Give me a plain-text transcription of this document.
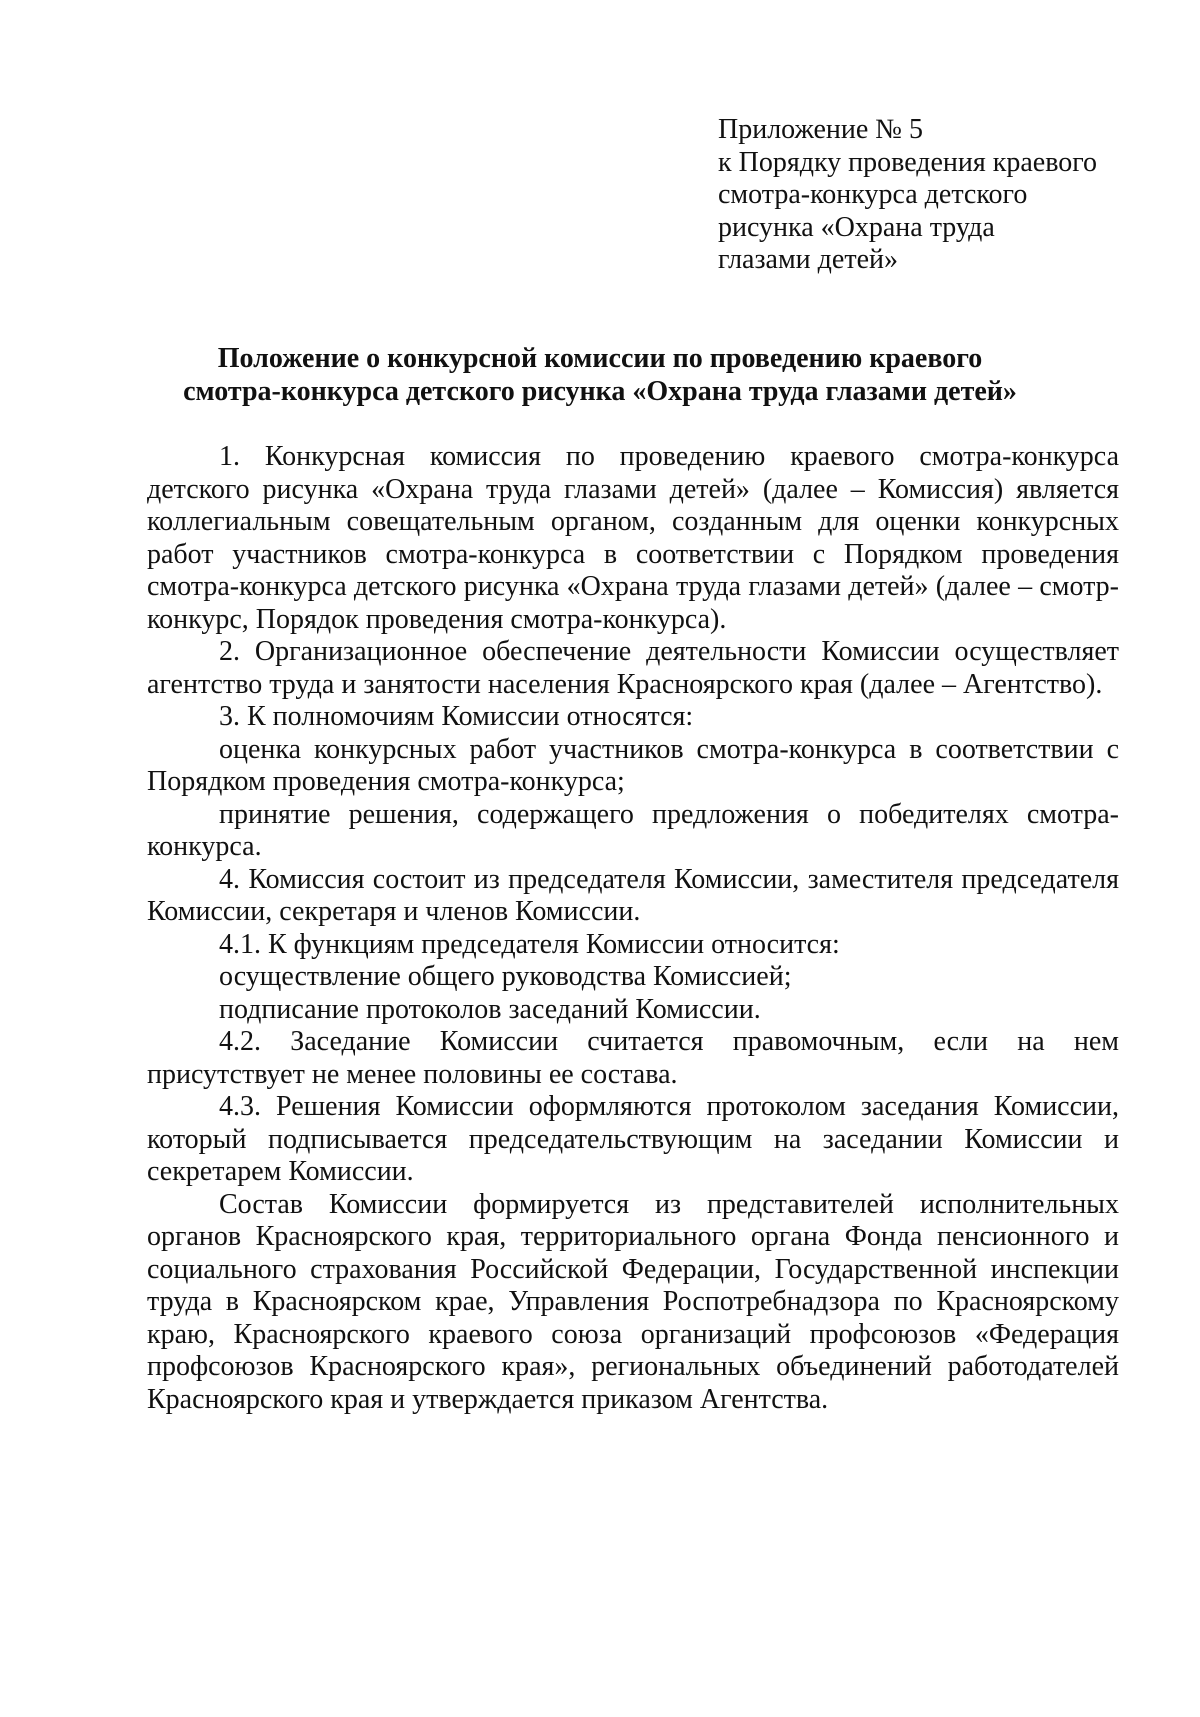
Приложение № 5
к Порядку проведения краевого
смотра-конкурса детского
рисунка «Охрана труда
глазами детей»
Положение о конкурсной комиссии по проведению краевого
смотра-конкурса детского рисунка «Охрана труда глазами детей»

1. Конкурсная комиссия по проведению краевого смотра-конкурса детского рисунка «Охрана труда глазами детей» (далее – Комиссия) является коллегиальным совещательным органом, созданным для оценки конкурсных работ участников смотра-конкурса в соответствии с Порядком проведения смотра-конкурса детского рисунка «Охрана труда глазами детей» (далее – смотр-конкурс, Порядок проведения смотра-конкурса).

2. Организационное обеспечение деятельности Комиссии осуществляет агентство труда и занятости населения Красноярского края (далее – Агентство).

3. К полномочиям Комиссии относятся:

оценка конкурсных работ участников смотра-конкурса в соответствии с Порядком проведения смотра-конкурса;

принятие решения, содержащего предложения о победителях смотра-конкурса.

4. Комиссия состоит из председателя Комиссии, заместителя председателя Комиссии, секретаря и членов Комиссии.

4.1. К функциям председателя Комиссии относится:

осуществление общего руководства Комиссией;

подписание протоколов заседаний Комиссии.

4.2. Заседание Комиссии считается правомочным, если на нем присутствует не менее половины ее состава.

4.3. Решения Комиссии оформляются протоколом заседания Комиссии, который подписывается председательствующим на заседании Комиссии и секретарем Комиссии.

Состав Комиссии формируется из представителей исполнительных органов Красноярского края, территориального органа Фонда пенсионного и социального страхования Российской Федерации, Государственной инспекции труда в Красноярском крае, Управления Роспотребнадзора по Красноярскому краю, Красноярского краевого союза организаций профсоюзов «Федерация профсоюзов Красноярского края», региональных объединений работодателей Красноярского края и утверждается приказом Агентства.
